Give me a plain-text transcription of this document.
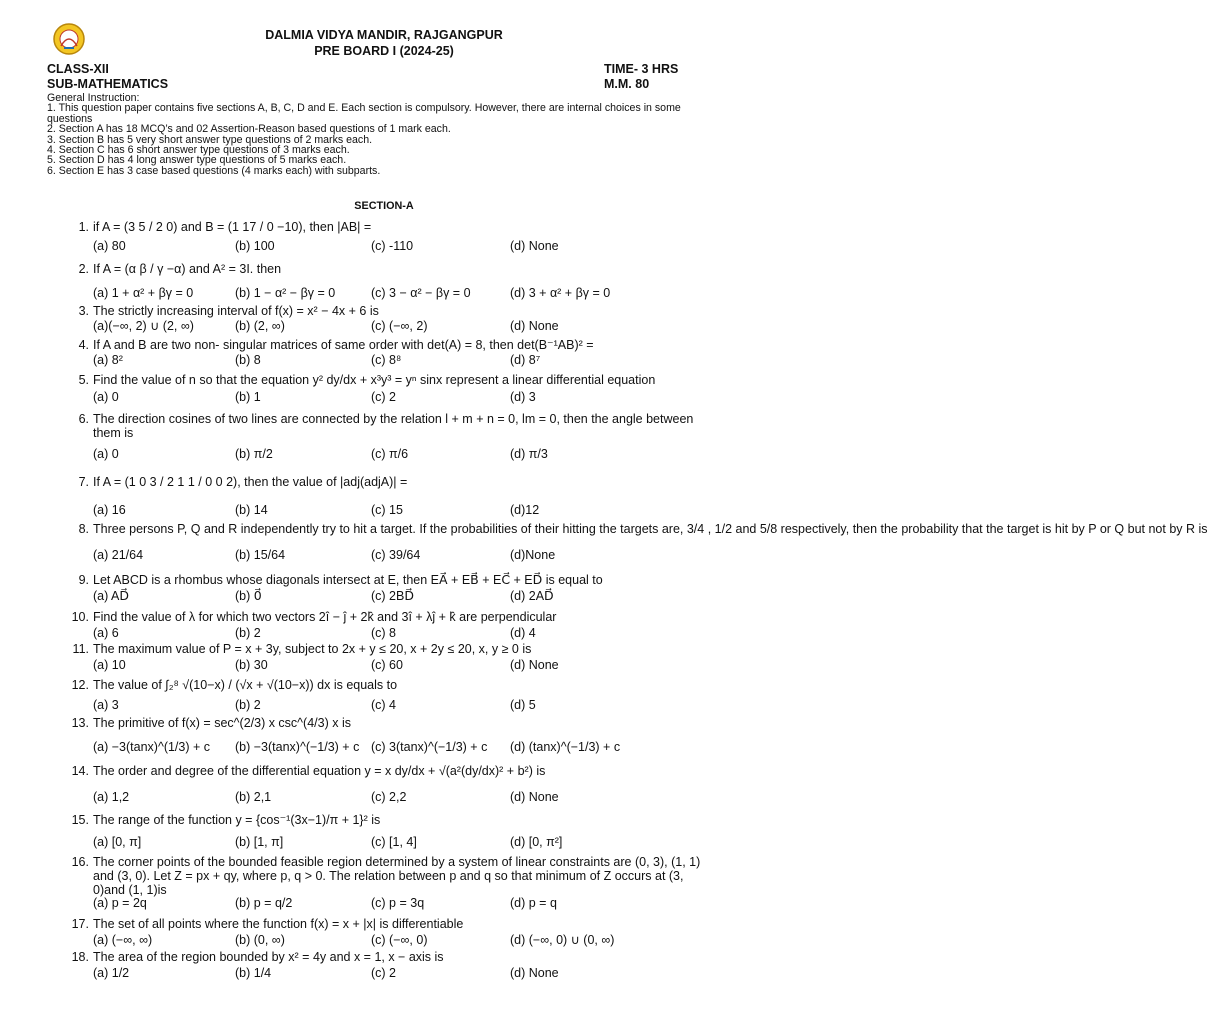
DALMIA VIDYA MANDIR, RAJGANGPUR
PRE BOARD I (2024-25)
CLASS-XII
SUB-MATHEMATICS
TIME- 3 HRS
M.M. 80
General Instruction:
1. This question paper contains five sections A, B, C, D and E. Each section is compulsory. However, there are internal choices in some questions
2. Section A has 18 MCQ’s and 02 Assertion-Reason based questions of 1 mark each.
3. Section B has 5 very short answer type questions of 2 marks each.
4. Section C has 6 short answer type questions of 3 marks each.
5. Section D has 4 long answer type questions of 5 marks each.
6. Section E has 3 case based questions (4 marks each) with subparts.
SECTION-A
1. if A = (3 5 / 2 0) and B = (1 17 / 0 −10), then |AB| =
(a) 80	(b) 100	(c) -110	(d) None
2. If A = (α β / γ −α) and A² = 3I. then
(a) 1 + α² + βγ = 0	(b) 1 − α² − βγ = 0	(c) 3 − α² − βγ = 0	(d) 3 + α² + βγ = 0
3. The strictly increasing interval of f(x) = x² − 4x + 6 is
(a)(−∞, 2) ∪ (2, ∞)	(b) (2, ∞)	(c) (−∞, 2)	(d) None
4. If A and B are two non- singular matrices of same order with det(A) = 8, then det(B⁻¹AB)² =
(a) 8²	(b) 8	(c) 8⁸	(d) 8⁷
5. Find the value of n so that the equation y² dy/dx + x³y³ = yⁿ sinx represent a linear differential equation
(a) 0	(b) 1	(c) 2	(d) 3
6. The direction cosines of two lines are connected by the relation l + m + n = 0, lm = 0, then the angle between them is
(a) 0	(b) π/2	(c) π/6	(d) π/3
7. If A = (1 0 3 / 2 1 1 / 0 0 2), then the value of |adj(adjA)| =
(a) 16	(b) 14	(c) 15	(d)12
8. Three persons P, Q and R independently try to hit a target. If the probabilities of their hitting the targets are, 3/4 , 1/2 and 5/8 respectively, then the probability that the target is hit by P or Q but not by R is
(a) 21/64	(b) 15/64	(c) 39/64	(d)None
9. Let ABCD is a rhombus whose diagonals intersect at E, then EA⃗ + EB⃗ + EC⃗ + ED⃗ is equal to
(a) AD⃗	(b) 0⃗	(c) 2BD⃗	(d) 2AD⃗
10. Find the value of λ for which two vectors 2î − ĵ + 2k̂ and 3î + λĵ + k̂ are perpendicular
(a) 6	(b) 2	(c) 8	(d) 4
11. The maximum value of P = x + 3y, subject to 2x + y ≤ 20, x + 2y ≤ 20, x, y ≥ 0 is
(a) 10	(b) 30	(c) 60	(d) None
12. The value of ∫₂⁸ √(10−x) / (√x + √(10−x)) dx is equals to
(a) 3	(b) 2	(c) 4	(d) 5
13. The primitive of f(x) = sec^(2/3) x csc^(4/3) x is
(a) −3(tanx)^(1/3) + c (b) −3(tanx)^(−1/3) + c (c) 3(tanx)^(−1/3) + c (d) (tanx)^(−1/3) + c
14. The order and degree of the differential equation y = x dy/dx + √(a²(dy/dx)² + b²) is
(a) 1,2	(b) 2,1	(c) 2,2	(d) None
15. The range of the function y = {cos⁻¹(3x−1)/π + 1}² is
(a) [0, π]	(b) [1, π]	(c) [1, 4]	(d) [0, π²]
16. The corner points of the bounded feasible region determined by a system of linear constraints are (0, 3), (1, 1) and (3, 0). Let Z = px + qy, where p, q > 0. The relation between p and q so that minimum of Z occurs at (3, 0)and (1, 1)is
(a) p = 2q	(b) p = q/2	(c) p = 3q	(d) p = q
17. The set of all points where the function f(x) = x + |x| is differentiable
(a) (−∞, ∞)	(b) (0, ∞)	(c) (−∞, 0)	(d) (−∞, 0) ∪ (0, ∞)
18. The area of the region bounded by x² = 4y and x = 1, x − axis is
(a) 1/2	(b) 1/4	(c) 2	(d) None
